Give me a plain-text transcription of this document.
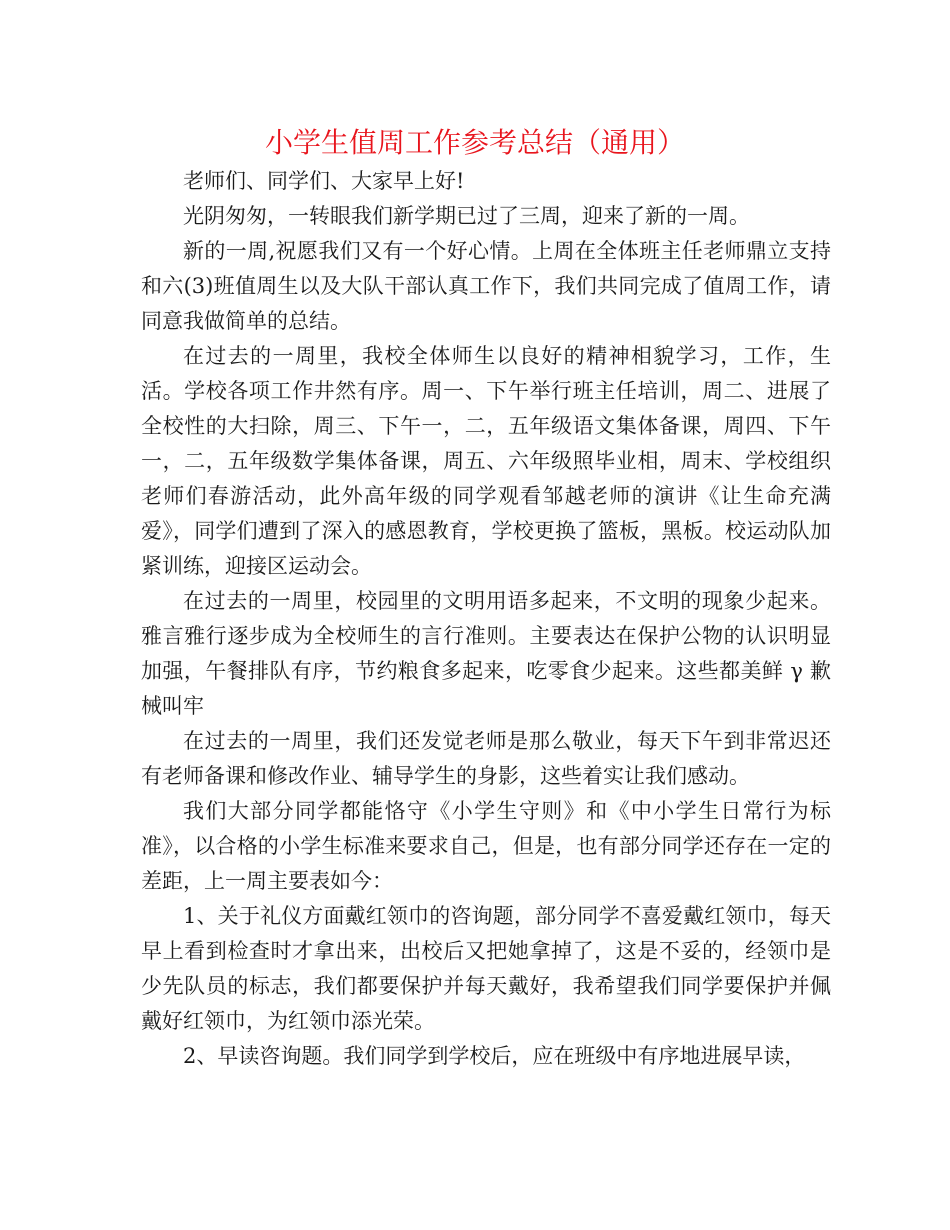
小学生值周工作参考总结（通用）

老师们、同学们、大家早上好!

光阴匆匆，一转眼我们新学期已过了三周，迎来了新的一周。

新的一周,祝愿我们又有一个好心情。上周在全体班主任老师鼎立支持和六(3)班值周生以及大队干部认真工作下，我们共同完成了值周工作，请同意我做简单的总结。

在过去的一周里，我校全体师生以良好的精神相貌学习，工作，生活。学校各项工作井然有序。周一、下午举行班主任培训，周二、进展了全校性的大扫除，周三、下午一，二，五年级语文集体备课，周四、下午一，二，五年级数学集体备课，周五、六年级照毕业相，周末、学校组织老师们春游活动，此外高年级的同学观看邹越老师的演讲《让生命充满爱》，同学们遭到了深入的感恩教育，学校更换了篮板，黑板。校运动队加紧训练，迎接区运动会。

在过去的一周里，校园里的文明用语多起来，不文明的现象少起来。雅言雅行逐步成为全校师生的言行准则。主要表达在保护公物的认识明显加强，午餐排队有序，节约粮食多起来，吃零食少起来。这些都美鲜 γ 歉械叫牢

在过去的一周里，我们还发觉老师是那么敬业，每天下午到非常迟还有老师备课和修改作业、辅导学生的身影，这些着实让我们感动。

我们大部分同学都能恪守《小学生守则》和《中小学生日常行为标准》，以合格的小学生标准来要求自己，但是，也有部分同学还存在一定的差距，上一周主要表如今：

1、关于礼仪方面戴红领巾的咨询题，部分同学不喜爱戴红领巾，每天早上看到检查时才拿出来，出校后又把她拿掉了，这是不妥的，经领巾是少先队员的标志，我们都要保护并每天戴好，我希望我们同学要保护并佩戴好红领巾，为红领巾添光荣。

2、早读咨询题。我们同学到学校后，应在班级中有序地进展早读，
